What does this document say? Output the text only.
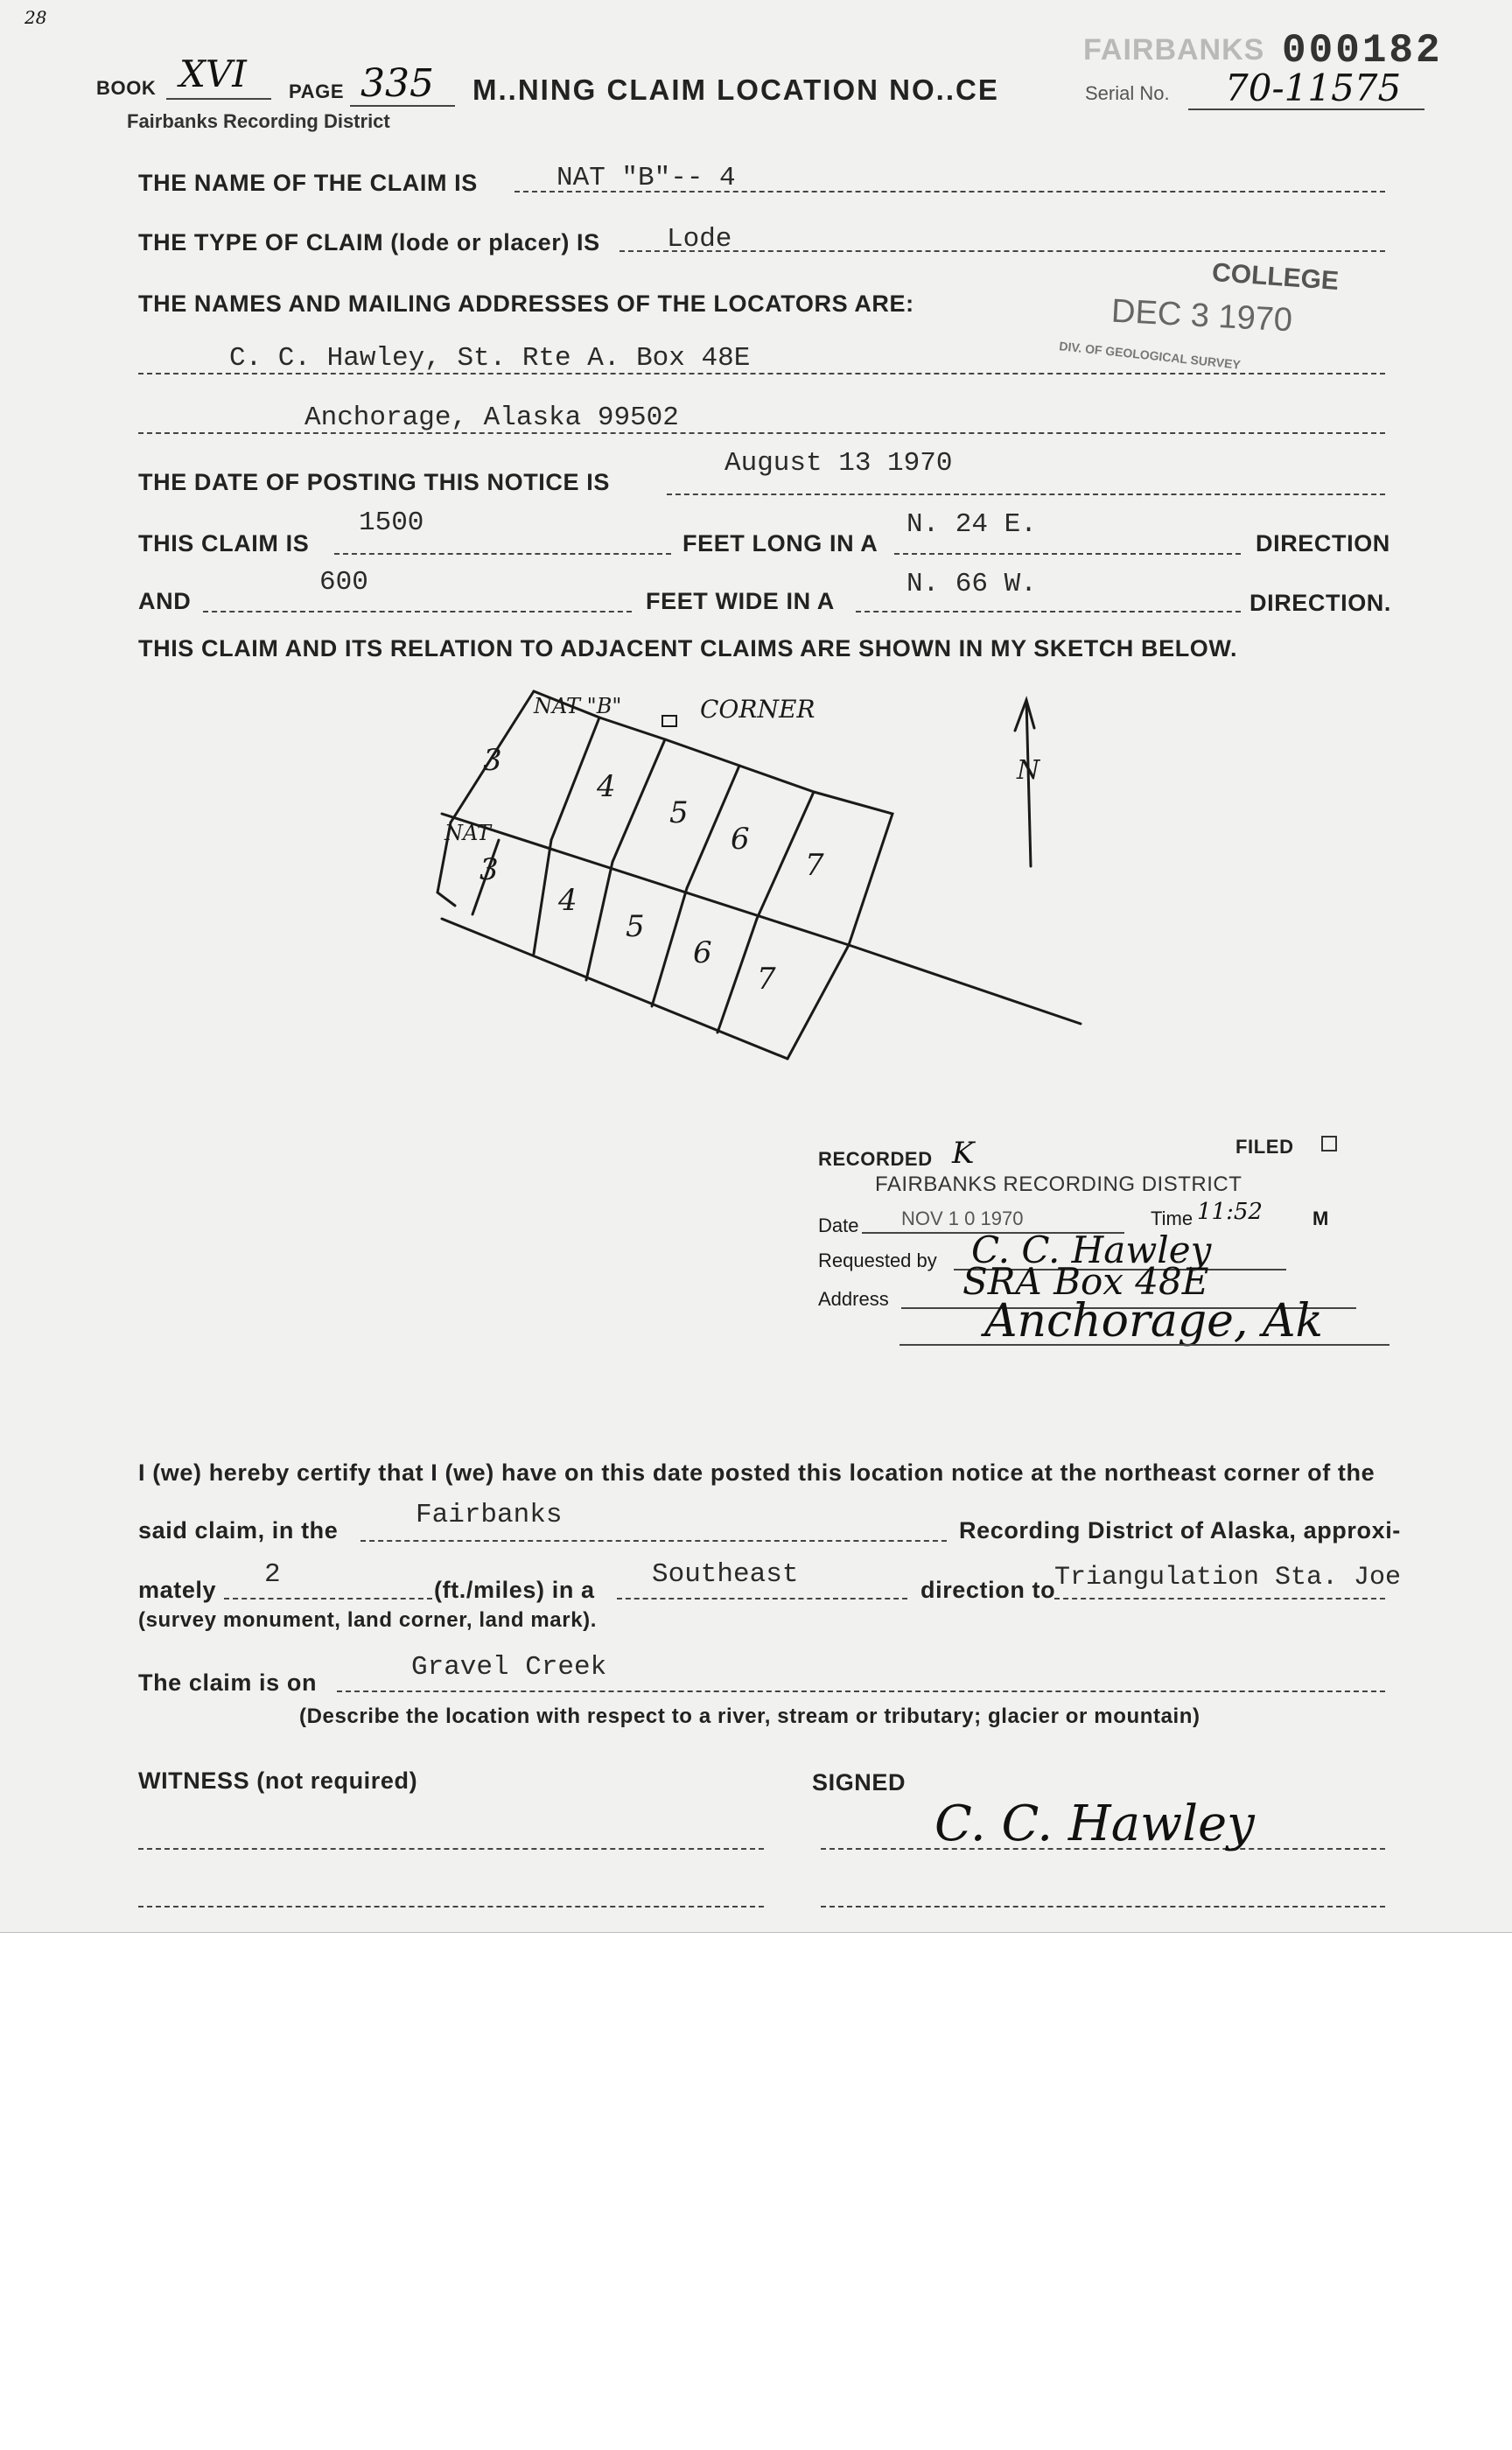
28
FAIRBANKS 000182
BOOK XVI PAGE 335 M..NING CLAIM LOCATION NO..CE	Serial No. 70-11575
Fairbanks Recording District
THE NAME OF THE CLAIM IS	NAT "B"-- 4
THE TYPE OF CLAIM (lode or placer) IS Lode
COLLEGE
DEC 3 1970
DIV. OF GEOLOGICAL SURVEY
THE NAMES AND MAILING ADDRESSES OF THE LOCATORS ARE:
C. C. Hawley, St. Rte A. Box 48E
Anchorage, Alaska 99502
THE DATE OF POSTING THIS NOTICE IS
August 13 1970
THIS CLAIM IS
1500
FEET LONG IN A
N. 24 E.
DIRECTION
AND
600
FEET WIDE IN A
N. 66 W.
DIRECTION.
THIS CLAIM AND ITS RELATION TO ADJACENT CLAIMS ARE SHOWN IN MY SKETCH BELOW.
NAT "B"	CORNER
3
4
5
6
7
NAT
3
4
5
6
7
N
RECORDED K	FILED
FAIRBANKS RECORDING DISTRICT
Date NOV 1 0 1970	Time 11:52	M
Requested by C. C. Hawley
Address SRA Box 48E
Anchorage, Ak
I (we) hereby certify that I (we) have on this date posted this location notice at the northeast corner of the
said claim, in the	Fairbanks	Recording District of Alaska, approxi-
mately 2	(ft./miles) in a Southeast	direction to
Triangulation Sta. Joe
(survey monument, land corner, land mark).
The claim is on	Gravel Creek
(Describe the location with respect to a river, stream or tributary; glacier or mountain)
WITNESS (not required)	SIGNED
C. C. Hawley
